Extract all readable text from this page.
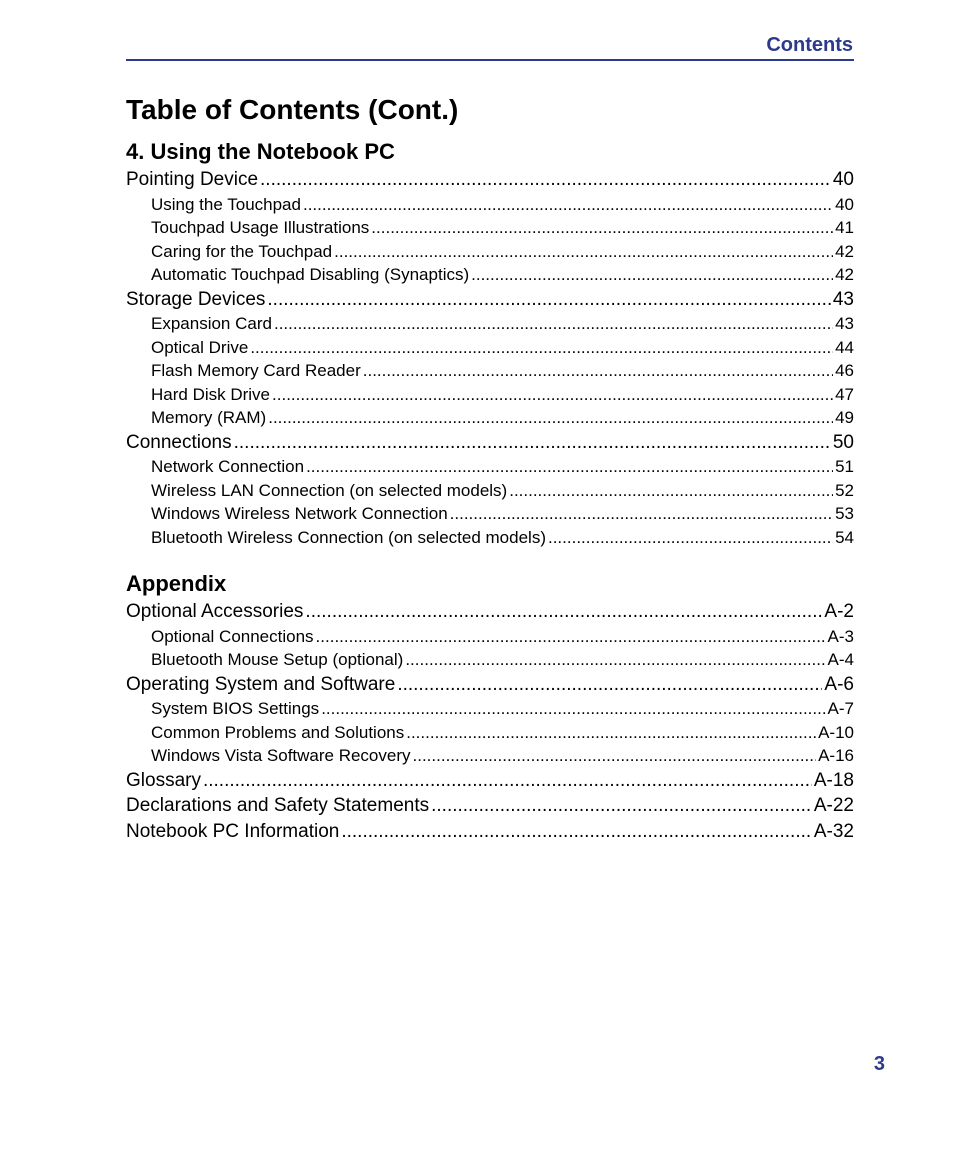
Contents
Table of Contents (Cont.)
4. Using the Notebook PC
Pointing Device .....	40
Using the Touchpad .....	40
Touchpad Usage Illustrations .....	41
Caring for the Touchpad .....	42
Automatic Touchpad Disabling (Synaptics) .....	42
Storage Devices .....	43
Expansion Card .....	43
Optical Drive .....	44
Flash Memory Card Reader .....	46
Hard Disk Drive .....	47
Memory (RAM) .....	49
Connections .....	50
Network Connection .....	51
Wireless LAN Connection (on selected models) .....	52
Windows Wireless Network Connection .....	53
Bluetooth Wireless Connection (on selected models) .....	54
Appendix
Optional Accessories .....	A-2
Optional Connections .....	A-3
Bluetooth Mouse Setup (optional) .....	A-4
Operating System and Software .....	A-6
System BIOS Settings .....	A-7
Common Problems and Solutions .....	A-10
Windows Vista Software Recovery .....	A-16
Glossary .....	A-18
Declarations and Safety Statements .....	A-22
Notebook PC Information .....	A-32
3
